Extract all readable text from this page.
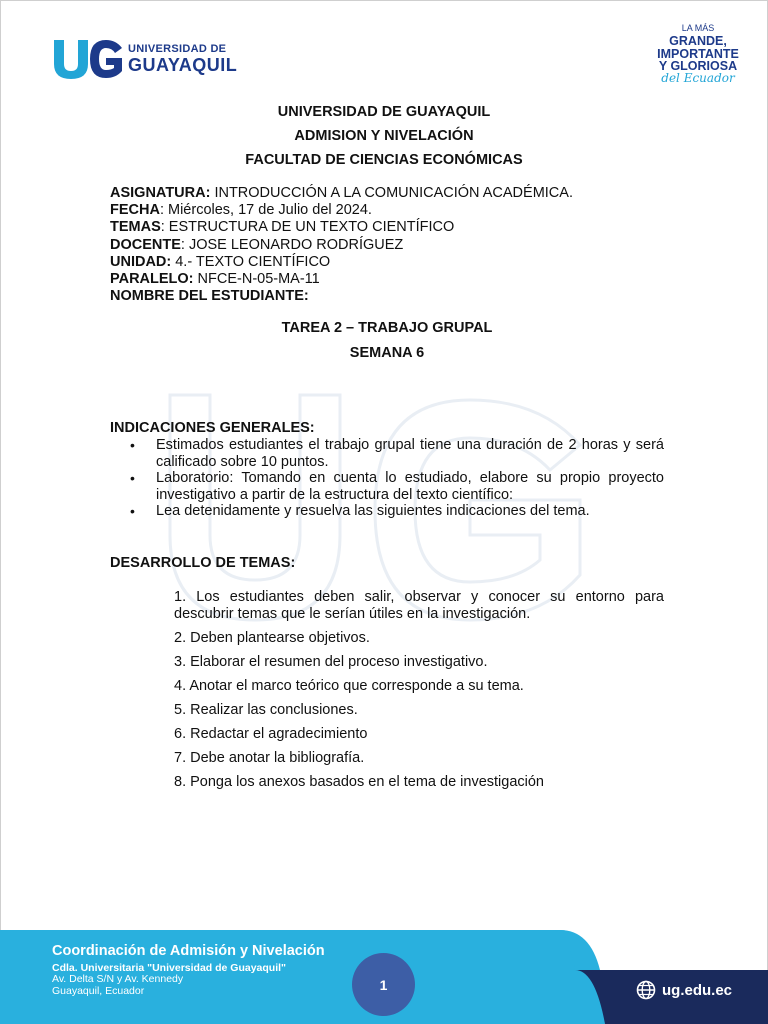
UNIVERSIDAD DE
GUAYAQUIL
LA MÁS
GRANDE,
IMPORTANTE
Y GLORIOSA
del Ecuador
UNIVERSIDAD DE GUAYAQUIL
ADMISION Y NIVELACIÓN
FACULTAD DE CIENCIAS ECONÓMICAS
ASIGNATURA: INTRODUCCIÓN A LA COMUNICACIÓN ACADÉMICA.
FECHA: Miércoles, 17 de Julio del 2024.
TEMAS: ESTRUCTURA DE UN TEXTO CIENTÍFICO
DOCENTE: JOSE LEONARDO RODRÍGUEZ
UNIDAD: 4.- TEXTO CIENTÍFICO
PARALELO: NFCE-N-05-MA-11
NOMBRE DEL ESTUDIANTE:
TAREA 2 – TRABAJO GRUPAL
SEMANA 6
INDICACIONES GENERALES:
• Estimados estudiantes el trabajo grupal tiene una duración de 2 horas y será calificado sobre 10 puntos.
• Laboratorio: Tomando en cuenta lo estudiado, elabore su propio proyecto investigativo a partir de la estructura del texto científico:
• Lea detenidamente y resuelva las siguientes indicaciones del tema.
DESARROLLO DE TEMAS:
1. Los estudiantes deben salir, observar y conocer su entorno para descubrir temas que le serían útiles en la investigación.
2. Deben plantearse objetivos.
3. Elaborar el resumen del proceso investigativo.
4. Anotar el marco teórico que corresponde a su tema.
5. Realizar las conclusiones.
6. Redactar el agradecimiento
7. Debe anotar la bibliografía.
8. Ponga los anexos basados en el tema de investigación
Coordinación de Admisión y Nivelación
Cdla. Universitaria "Universidad de Guayaquil"
Av. Delta S/N y Av. Kennedy
Guayaquil, Ecuador	1	ug.edu.ec
